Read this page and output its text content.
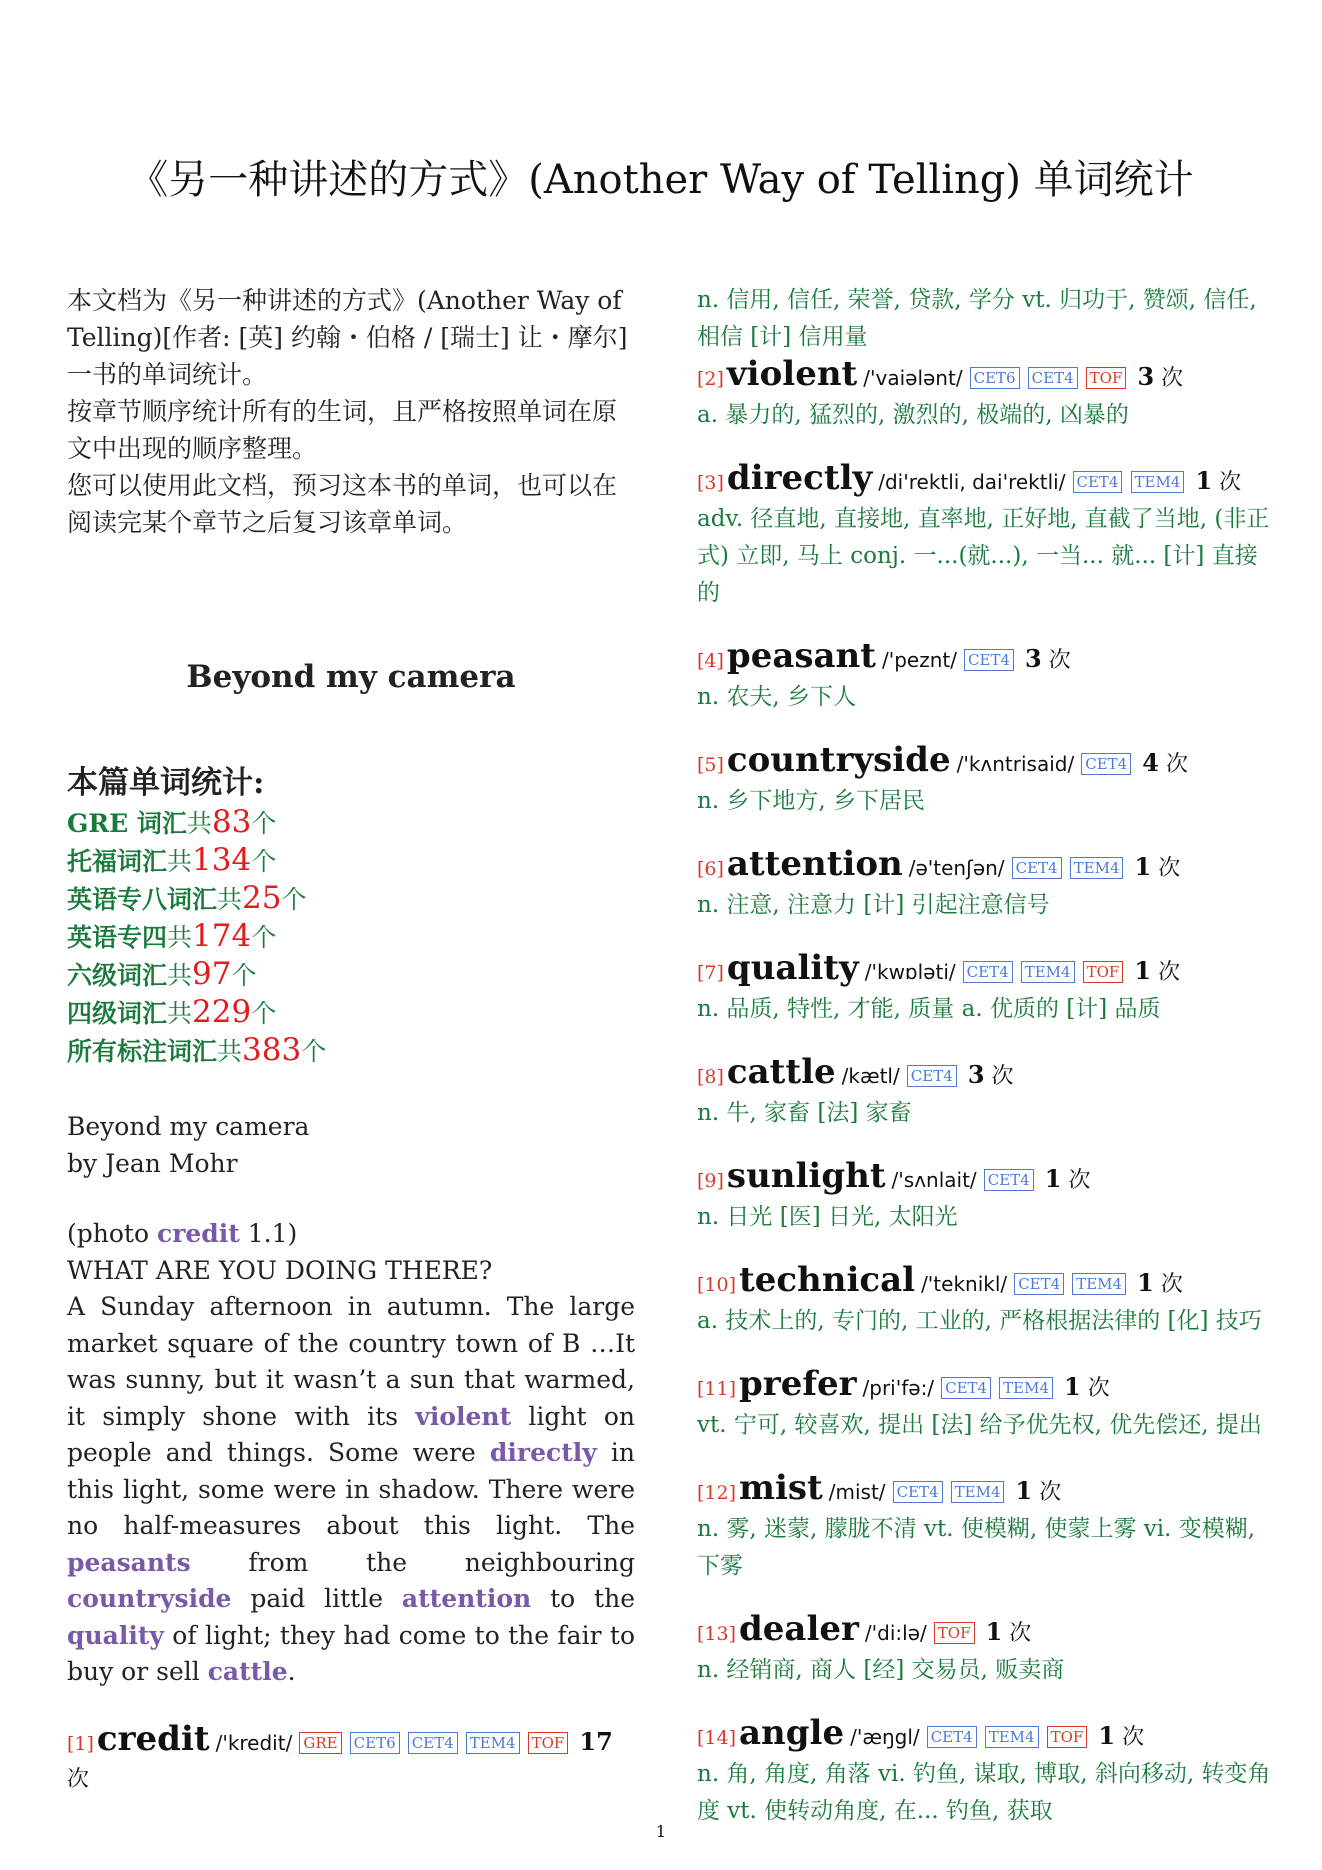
《另一种讲述的方式》(Another Way of Telling) 单词统计

本文档为《另一种讲述的方式》(Another Way of Telling)[作者: [英] 约翰・伯格 / [瑞士] 让・摩尔] 一书的单词统计。

按章节顺序统计所有的生词，且严格按照单词在原文中出现的顺序整理。

您可以使用此文档，预习这本书的单词，也可以在阅读完某个章节之后复习该章单词。

Beyond my camera
本篇单词统计:
GRE 词汇共83个
托福词汇共134个
英语专八词汇共25个
英语专四共174个
六级词汇共97个
四级词汇共229个
所有标注词汇共383个
Beyond my camera
by Jean Mohr
(photo credit 1.1)
WHAT ARE YOU DOING THERE?
A Sunday afternoon in autumn. The large market square of the country town of B …It was sunny, but it wasn’t a sun that warmed, it simply shone with its violent light on people and things. Some were directly in this light, some were in shadow. There were no half-measures about this light. The peasants from the neighbouring countryside paid little attention to the quality of light; they had come to the fair to buy or sell cattle.
[1]credit /'kredit/ GRE CET6 CET4 TEM4 TOF 17 次

n. 信用, 信任, 荣誉, 贷款, 学分 vt. 归功于, 赞颂, 信任, 相信 [计] 信用量

[2]violent /'vaiələnt/ CET6 CET4 TOF 3 次

a. 暴力的, 猛烈的, 激烈的, 极端的, 凶暴的

[3]directly /di'rektli, dai'rektli/ CET4 TEM4 1 次

adv. 径直地, 直接地, 直率地, 正好地, 直截了当地, (非正式) 立即, 马上 conj. 一...(就...), 一当... 就... [计] 直接的

[4]peasant /'peznt/ CET4 3 次

n. 农夫, 乡下人

[5]countryside /'kʌntrisaid/ CET4 4 次

n. 乡下地方, 乡下居民

[6]attention /ə'tenʃən/ CET4 TEM4 1 次

n. 注意, 注意力 [计] 引起注意信号

[7]quality /'kwɒləti/ CET4 TEM4 TOF 1 次

n. 品质, 特性, 才能, 质量 a. 优质的 [计] 品质

[8]cattle /kætl/ CET4 3 次

n. 牛, 家畜 [法] 家畜

[9]sunlight /'sʌnlait/ CET4 1 次

n. 日光 [医] 日光, 太阳光

[10]technical /'teknikl/ CET4 TEM4 1 次

a. 技术上的, 专门的, 工业的, 严格根据法律的 [化] 技巧

[11]prefer /pri'fə:/ CET4 TEM4 1 次

vt. 宁可, 较喜欢, 提出 [法] 给予优先权, 优先偿还, 提出

[12]mist /mist/ CET4 TEM4 1 次

n. 雾, 迷蒙, 朦胧不清 vt. 使模糊, 使蒙上雾 vi. 变模糊, 下雾

[13]dealer /'di:lə/ TOF 1 次

n. 经销商, 商人 [经] 交易员, 贩卖商

[14]angle /'æŋgl/ CET4 TEM4 TOF 1 次

n. 角, 角度, 角落 vi. 钓鱼, 谋取, 博取, 斜向移动, 转变角度 vt. 使转动角度, 在... 钓鱼, 获取

1
